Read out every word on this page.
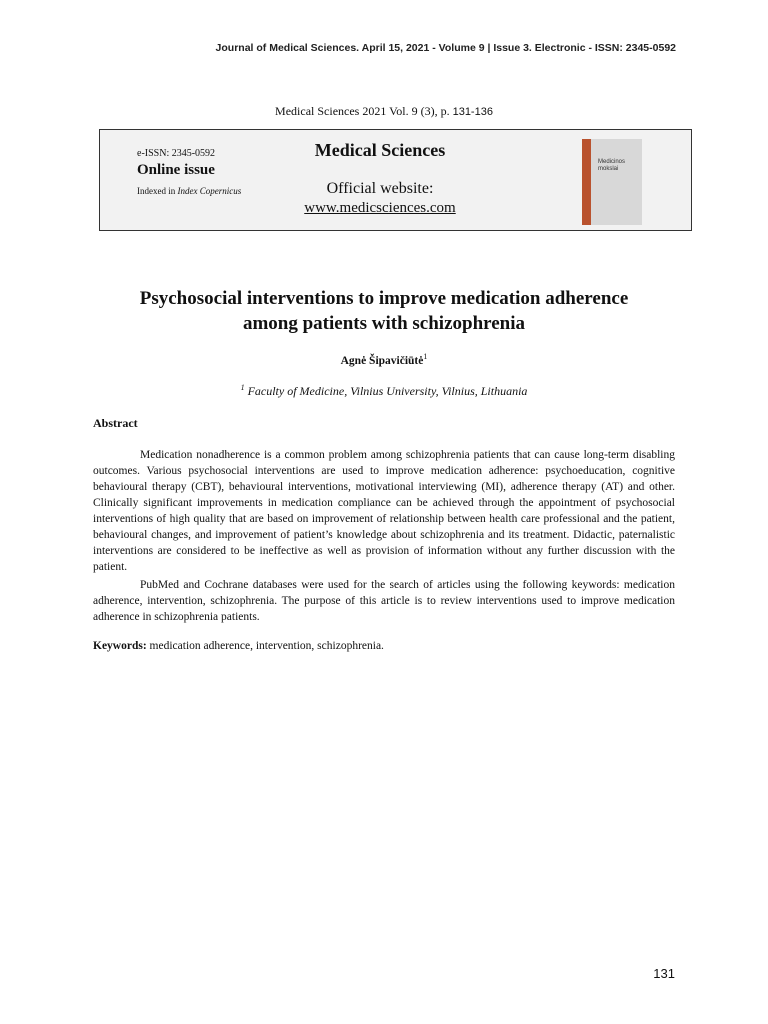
Journal of Medical Sciences. April 15, 2021 - Volume 9 | Issue 3. Electronic - ISSN: 2345-0592
Medical Sciences 2021 Vol. 9 (3), p. 131-136
e-ISSN: 2345-0592
Online issue
Indexed in Index Copernicus
Medical Sciences
Official website:
www.medicsciences.com
Medicinos mokslai
Psychosocial interventions to improve medication adherence
among patients with schizophrenia
Agnė Šipavičiūtė$^1$
$^1$ Faculty of Medicine, Vilnius University, Vilnius, Lithuania
Abstract

Medication nonadherence is a common problem among schizophrenia patients that can cause long-term disabling outcomes. Various psychosocial interventions are used to improve medication adherence: psychoeducation, cognitive behavioural therapy (CBT), behavioural interventions, motivational interviewing (MI), adherence therapy (AT) and other. Clinically significant improvements in medication compliance can be achieved through the appointment of psychosocial interventions of high quality that are based on improvement of relationship between health care professional and the patient, behavioural changes, and improvement of patient’s knowledge about schizophrenia and its treatment. Didactic, paternalistic interventions are considered to be ineffective as well as provision of information without any further discussion with the patient.

PubMed and Cochrane databases were used for the search of articles using the following keywords: medication adherence, intervention, schizophrenia. The purpose of this article is to review interventions used to improve medication adherence in schizophrenia patients.

Keywords: medication adherence, intervention, schizophrenia.
131
